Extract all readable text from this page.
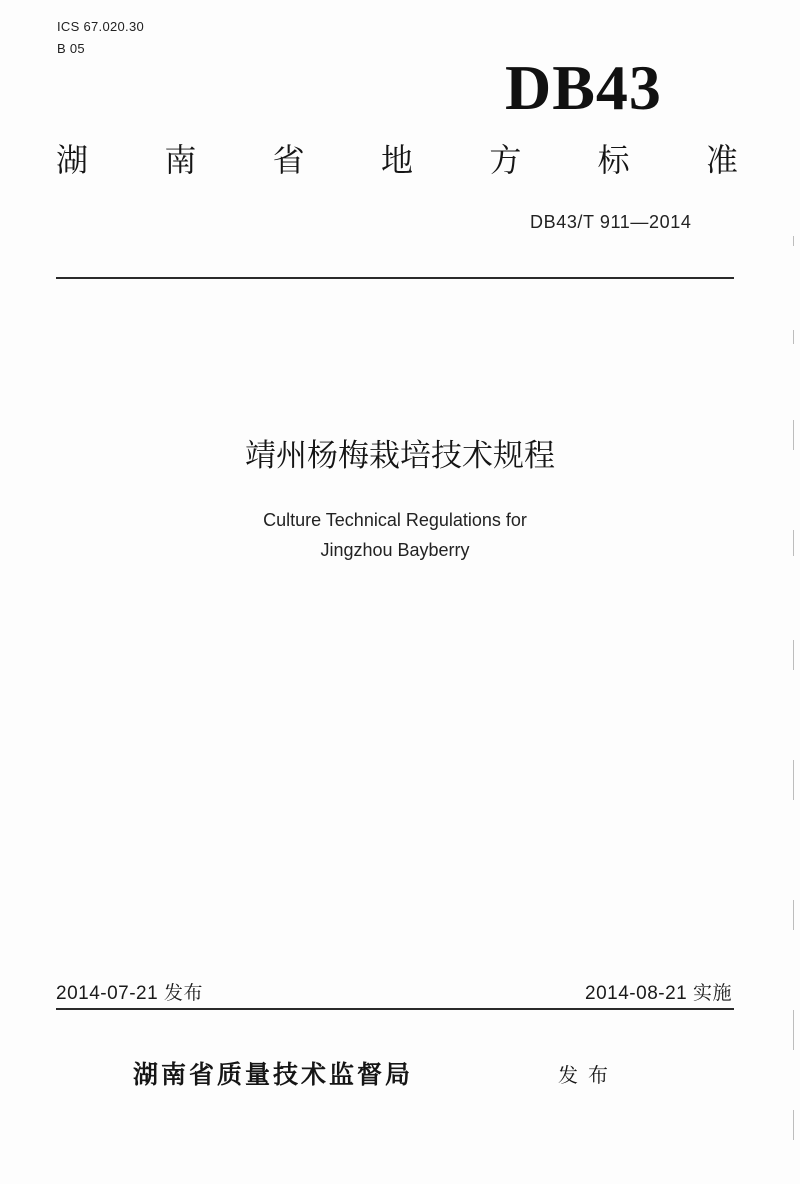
ICS 67.020.30
B 05
DB43
湖 南 省 地 方 标 准
DB43/T 911—2014
靖州杨梅栽培技术规程
Culture Technical Regulations for
Jingzhou Bayberry
2014-07-21 发布	2014-08-21 实施
湖南省质量技术监督局	发布
